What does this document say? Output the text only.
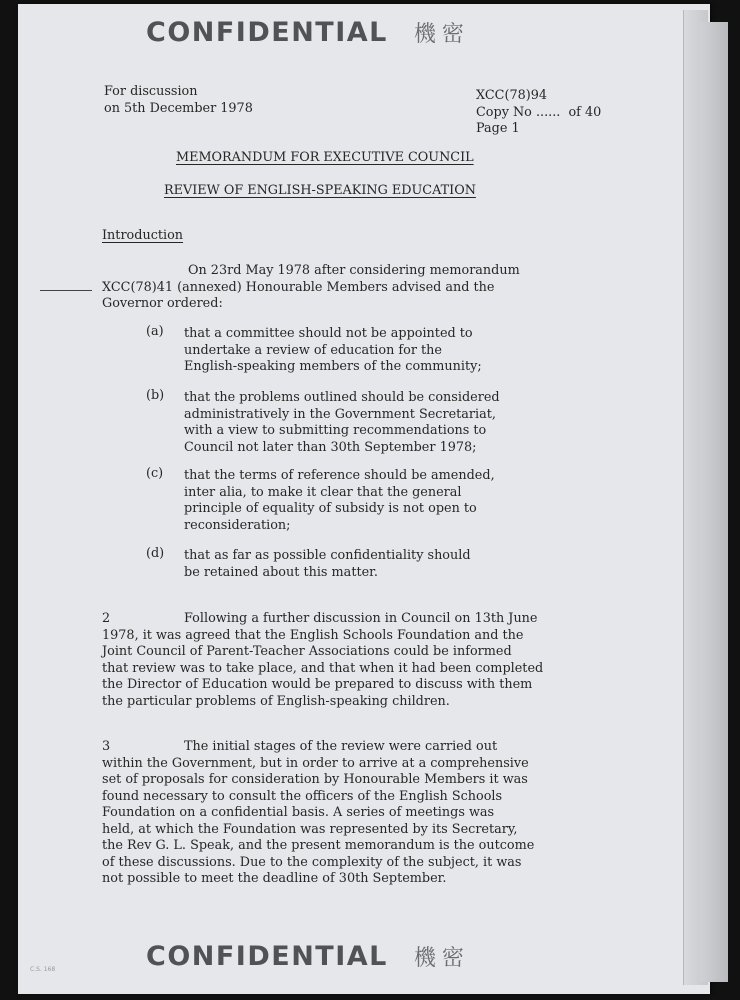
CONFIDENTIAL 機密
For discussion
on 5th December 1978
XCC(78)94
Copy No ...... of 40
Page 1
MEMORANDUM FOR EXECUTIVE COUNCIL
REVIEW OF ENGLISH-SPEAKING EDUCATION
Introduction
On 23rd May 1978 after considering memorandum
XCC(78)41 (annexed) Honourable Members advised and the
Governor ordered:
(a) that a committee should not be appointed to
undertake a review of education for the
English-speaking members of the community;
(b) that the problems outlined should be considered
administratively in the Government Secretariat,
with a view to submitting recommendations to
Council not later than 30th September 1978;
(c) that the terms of reference should be amended,
inter alia, to make it clear that the general
principle of equality of subsidy is not open to
reconsideration;
(d) that as far as possible confidentiality should
be retained about this matter.
2	Following a further discussion in Council on 13th June
1978, it was agreed that the English Schools Foundation and the
Joint Council of Parent-Teacher Associations could be informed
that review was to take place, and that when it had been completed
the Director of Education would be prepared to discuss with them
the particular problems of English-speaking children.
3	The initial stages of the review were carried out
within the Government, but in order to arrive at a comprehensive
set of proposals for consideration by Honourable Members it was
found necessary to consult the officers of the English Schools
Foundation on a confidential basis. A series of meetings was
held, at which the Foundation was represented by its Secretary,
the Rev G. L. Speak, and the present memorandum is the outcome
of these discussions. Due to the complexity of the subject, it was
not possible to meet the deadline of 30th September.
C.S. 168	CONFIDENTIAL 機密
